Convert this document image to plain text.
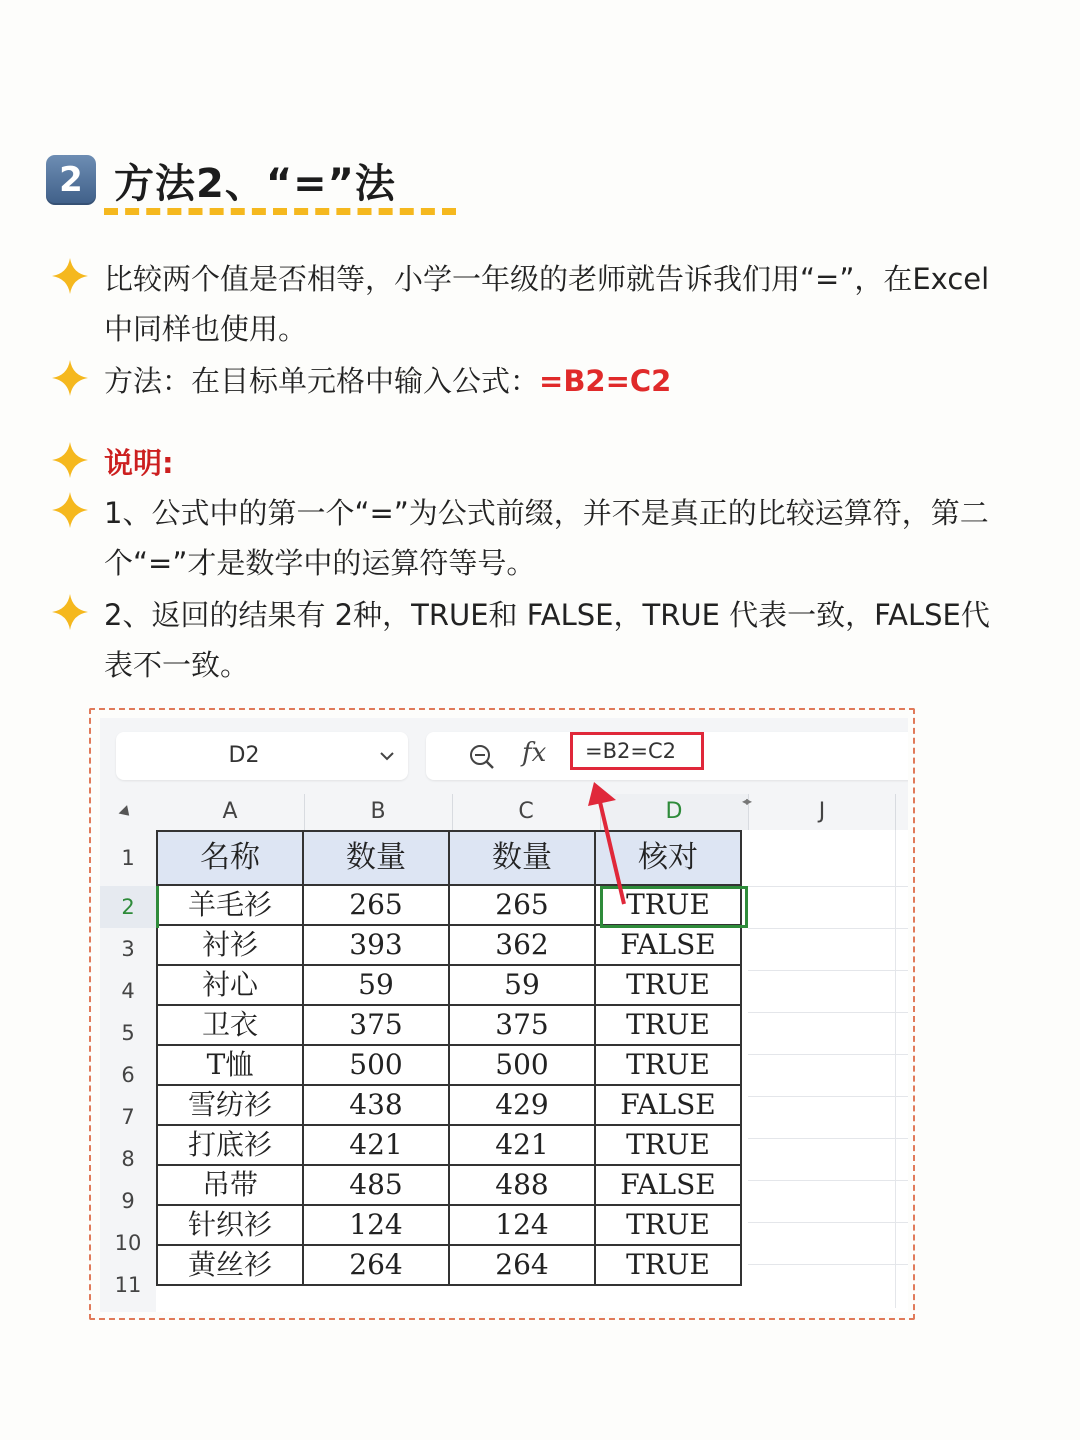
2 方法2、“=”法
比较两个值是否相等，小学一年级的老师就告诉我们用“=”，在Excel中同样也使用。
方法：在目标单元格中输入公式：=B2=C2
说明:
1、公式中的第一个“=”为公式前缀，并不是真正的比较运算符，第二个“=”才是数学中的运算符等号。
2、返回的结果有 2种，TRUE和 FALSE，TRUE 代表一致，FALSE代表不一致。
D2	fx	=B2=C2
A	B	C	D	J
◂▸
1
2
3
4
5
6
7
8
9
10
11
名称	数量	数量	核对
羊毛衫	265	265	TRUE
衬衫	393	362	FALSE
衬心	59	59	TRUE
卫衣	375	375	TRUE
T恤	500	500	TRUE
雪纺衫	438	429	FALSE
打底衫	421	421	TRUE
吊带	485	488	FALSE
针织衫	124	124	TRUE
黄丝衫	264	264	TRUE
